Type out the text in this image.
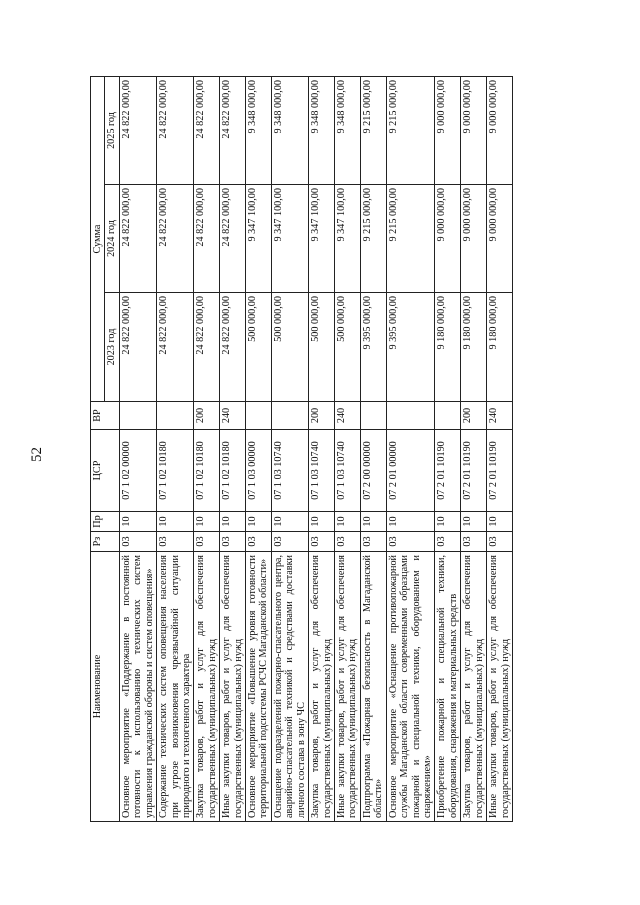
52
Наименование	Рз	Пр	ЦСР	ВР	Сумма		
					2023 год	2024 год	2025 год
Основное мероприятие «Поддержание в постоянной готовности к использованию технических систем управления гражданской обороны и систем оповещения»	03	10	07 1 02 00000		24 822 000,00	24 822 000,00	24 822 000,00
Содержание технических систем оповещения населения при угрозе возникновения чрезвычайной ситуации природного и техногенного характера	03	10	07 1 02 10180		24 822 000,00	24 822 000,00	24 822 000,00
Закупка товаров, работ и услуг для обеспечения государственных (муниципальных) нужд	03	10	07 1 02 10180	200	24 822 000,00	24 822 000,00	24 822 000,00
Иные закупки товаров, работ и услуг для обеспечения государственных (муниципальных) нужд	03	10	07 1 02 10180	240	24 822 000,00	24 822 000,00	24 822 000,00
Основное мероприятие «Повышение уровня готовности территориальной подсистемы РСЧС Магаданской области»	03	10	07 1 03 00000		500 000,00	9 347 100,00	9 348 000,00
Оснащение подразделений пожарно-спасательного центра, аварийно-спасательной техникой и средствами доставки личного состава в зону ЧС	03	10	07 1 03 10740		500 000,00	9 347 100,00	9 348 000,00
Закупка товаров, работ и услуг для обеспечения государственных (муниципальных) нужд	03	10	07 1 03 10740	200	500 000,00	9 347 100,00	9 348 000,00
Иные закупки товаров, работ и услуг для обеспечения государственных (муниципальных) нужд	03	10	07 1 03 10740	240	500 000,00	9 347 100,00	9 348 000,00
Подпрограмма «Пожарная безопасность в Магаданской области»	03	10	07 2 00 00000		9 395 000,00	9 215 000,00	9 215 000,00
Основное мероприятие «Оснащение противопожарной службы Магаданской области современными образцами пожарной и специальной техники, оборудованием и снаряжением»	03	10	07 2 01 00000		9 395 000,00	9 215 000,00	9 215 000,00
Приобретение пожарной и специальной техники, оборудования, снаряжения и материальных средств	03	10	07 2 01 10190		9 180 000,00	9 000 000,00	9 000 000,00
Закупка товаров, работ и услуг для обеспечения государственных (муниципальных) нужд	03	10	07 2 01 10190	200	9 180 000,00	9 000 000,00	9 000 000,00
Иные закупки товаров, работ и услуг для обеспечения государственных (муниципальных) нужд	03	10	07 2 01 10190	240	9 180 000,00	9 000 000,00	9 000 000,00
